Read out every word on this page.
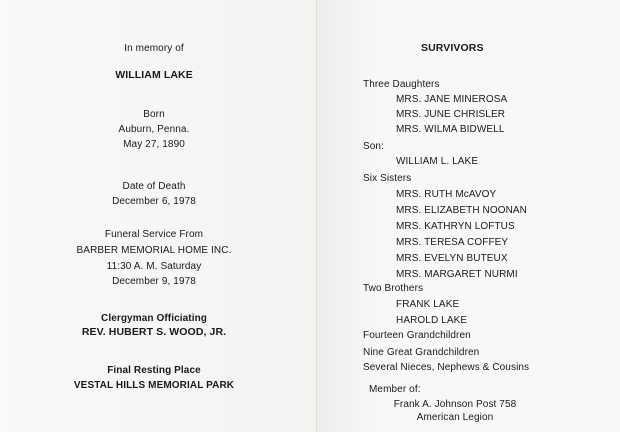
In memory of
WILLIAM LAKE
Born
Auburn, Penna.
May 27, 1890
Date of Death
December 6, 1978
Funeral Service From
BARBER MEMORIAL HOME INC.
11:30 A. M. Saturday
December 9, 1978
Clergyman Officiating
REV. HUBERT S. WOOD, JR.
Final Resting Place
VESTAL HILLS MEMORIAL PARK
SURVIVORS
Three Daughters
MRS. JANE MINEROSA
MRS. JUNE CHRISLER
MRS. WILMA BIDWELL
Son:
WILLIAM L. LAKE
Six Sisters
MRS. RUTH McAVOY
MRS. ELIZABETH NOONAN
MRS. KATHRYN LOFTUS
MRS. TERESA COFFEY
MRS. EVELYN BUTEUX
MRS. MARGARET NURMI
Two Brothers
FRANK LAKE
HAROLD LAKE
Fourteen Grandchildren
Nine Great Grandchildren
Several Nieces, Nephews & Cousins
Member of:
Frank A. Johnson Post 758
American Legion
